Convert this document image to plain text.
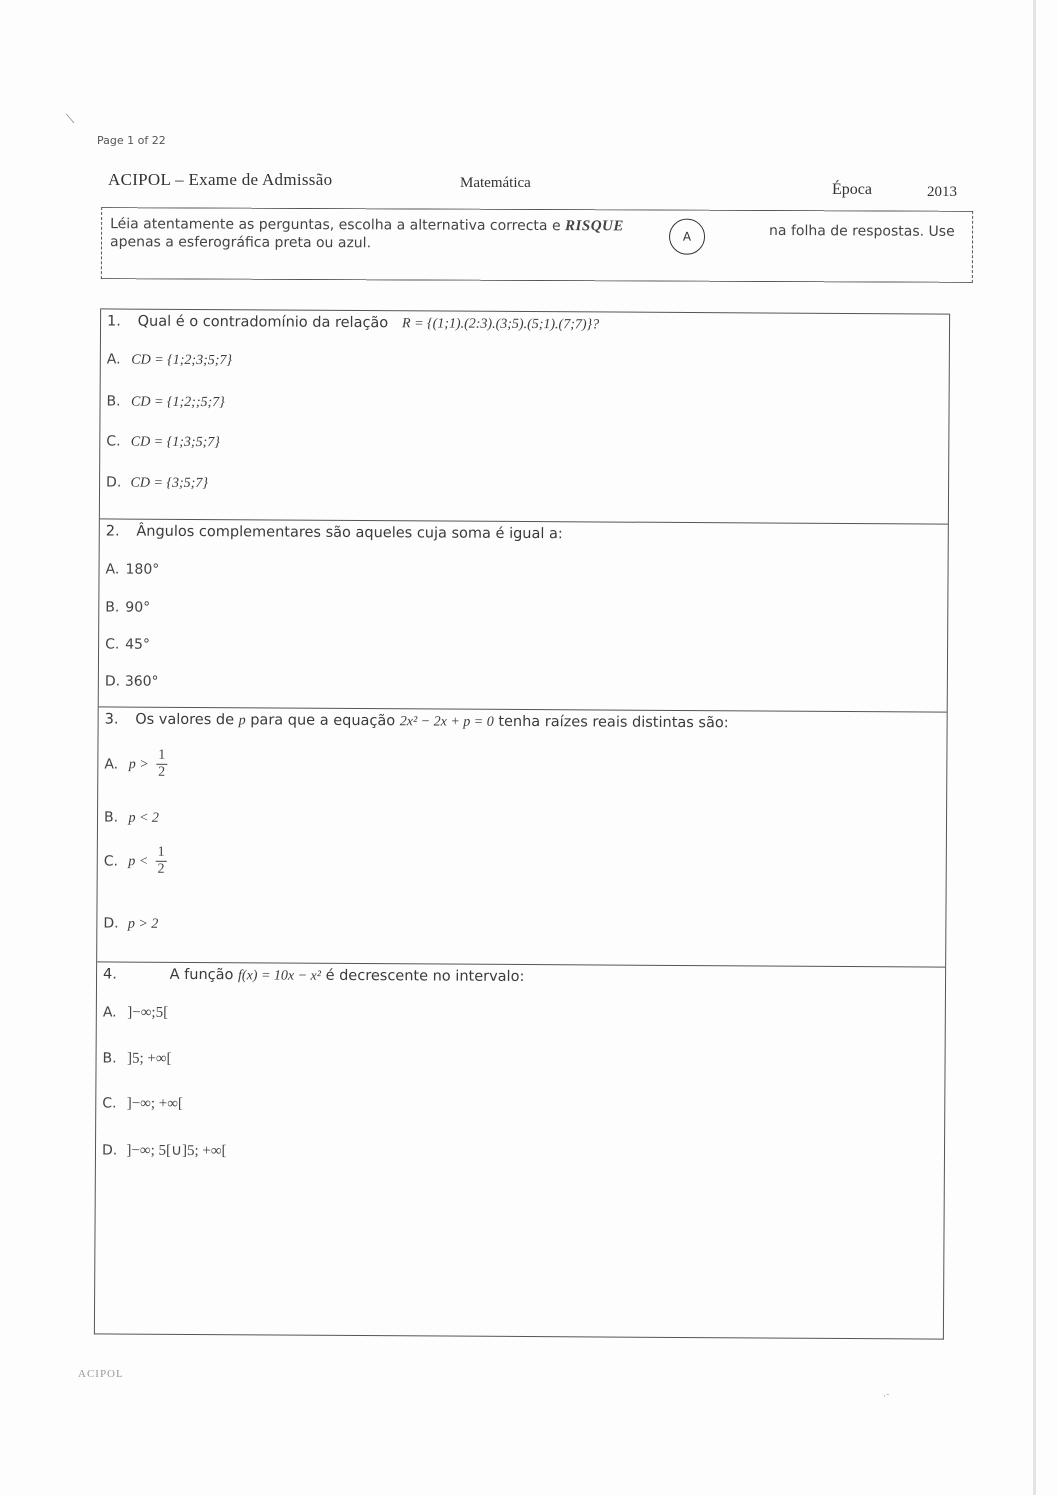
⟍
Page 1 of 22
ACIPOL – Exame de Admissão	Matemática	Época	2013
Léia atentamente as perguntas, escolha a alternativa correcta e RISQUE
A	na folha de respostas. Use
apenas a esferográfica preta ou azul.
1. Qual é o contradomínio da relação R = {(1;1).(2:3).(3;5).(5;1).(7;7)}?
A. CD = {1;2;3;5;7}
B. CD = {1;2;;5;7}
C. CD = {1;3;5;7}
D. CD = {3;5;7}
2. Ângulos complementares são aqueles cuja soma é igual a:
A. 180°
B. 90°
C. 45°
D. 360°
3. Os valores de p para que a equação 2x² − 2x + p = 0 tenha raízes reais distintas são:
A. $p > \frac{1}{2}$
B. p < 2
C. $p < \frac{1}{2}$
D. p > 2
4.	A função f(x) = 10x − x² é decrescente no intervalo:
A. ]−∞;5[
B. ]5; +∞[
C. ]−∞; +∞[
D. ]−∞; 5[∪]5; +∞[
ACIPOL
·ᐨ
